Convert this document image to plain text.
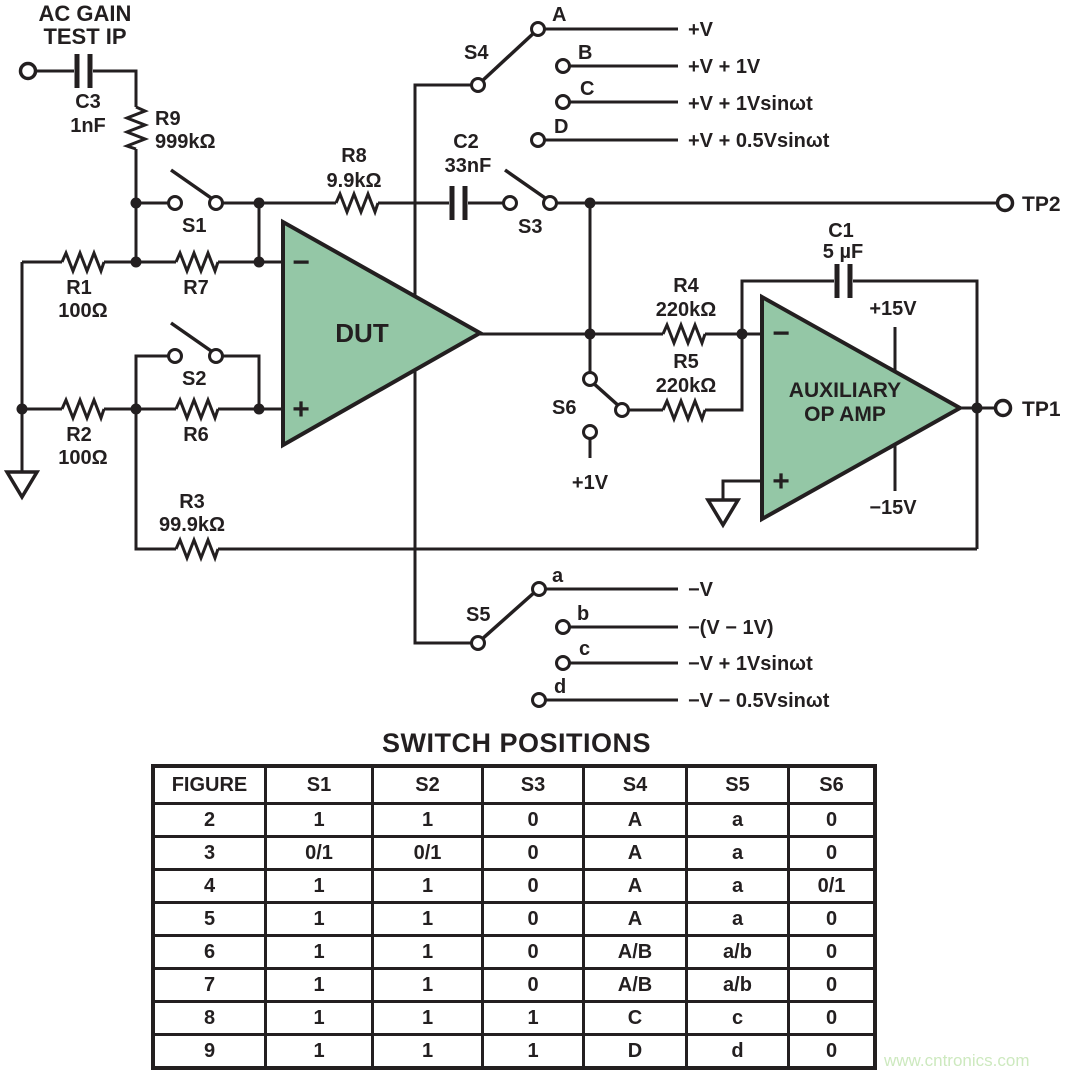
DUT
−
+
AUXILIARY
OP AMP
−
+
+15V
−15V
R9
999kΩ
R1
100Ω
R7
R2
100Ω
R6
R3
99.9kΩ
R8
9.9kΩ
R4
220kΩ
R5
220kΩ
C3
1nF
C2
33nF
C1
5 µF
S1
S2
S3
S4
A
B
C
D
+V
+V + 1V
+V + 1Vsinωt
+V + 0.5Vsinωt
S5
a
b
c
d
−V
−(V − 1V)
−V + 1Vsinωt
−V − 0.5Vsinωt
S6
+1V
AC GAIN
TEST IP
TP2
TP1
SWITCH POSITIONS
FIGURE	S1	S2	S3	S4	S5	S6
2	1	1	0	A	a	0
3	0/1	0/1	0	A	a	0
4	1	1	0	A	a	0/1
5	1	1	0	A	a	0
6	1	1	0	A/B	a/b	0
7	1	1	0	A/B	a/b	0
8	1	1	1	C	c	0
9	1	1	1	D	d	0	www.cntronics.com
